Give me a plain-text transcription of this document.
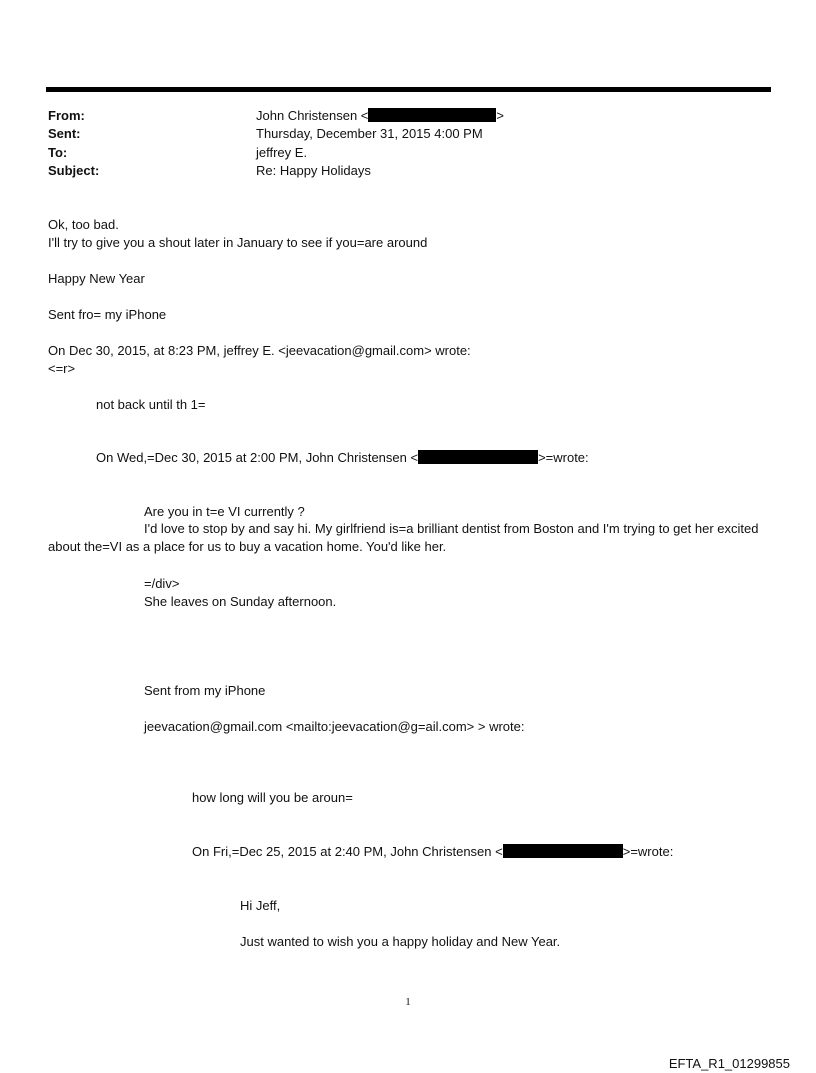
From:	John Christensen <	>
Sent:	Thursday, December 31, 2015 4:00 PM
To:	jeffrey E.
Subject:	Re: Happy Holidays
Ok, too bad.
I'll try to give you a shout later in January to see if you=are around
Happy New Year
Sent fro= my iPhone
On Dec 30, 2015, at 8:23 PM, jeffrey E. <jeevacation@gmail.com> wrote:
<=r>
not back until th 1=
On Wed,=Dec 30, 2015 at 2:00 PM, John Christensen <	>=wrote:
Are you in t=e VI currently ?
I'd love to stop by and say hi. My girlfriend is=a brilliant dentist from Boston and I'm trying to get her excited about the=VI as a place for us to buy a vacation home. You'd like her.
=/div>
She leaves on Sunday afternoon.
Sent from my iPhone
jeevacation@gmail.com <mailto:jeevacation@g=ail.com> > wrote:
how long will you be aroun=
On Fri,=Dec 25, 2015 at 2:40 PM, John Christensen <	>=wrote:
Hi Jeff,
Just wanted to wish you a happy holiday and New Year.
1
EFTA_R1_01299855
